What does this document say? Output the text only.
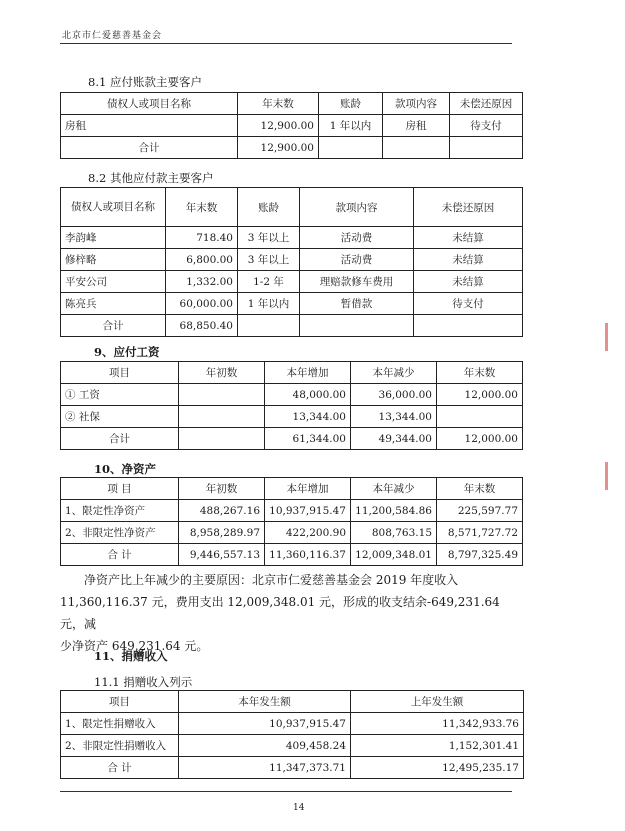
北京市仁爱慈善基金会
8.1 应付账款主要客户
债权人或项目名称	年末数	账龄	款项内容	未偿还原因
房租	12,900.00	1 年以内	房租	待支付
合计	12,900.00			
8.2 其他应付款主要客户
债权人或项目名称	年末数	账龄	款项内容	未偿还原因
李韵峰	718.40	3 年以上	活动费	未结算
修梓略	6,800.00	3 年以上	活动费	未结算
平安公司	1,332.00	1-2 年	理赔款修车费用	未结算
陈亮兵	60,000.00	1 年以内	暂借款	待支付
合计	68,850.40			
9、应付工资
项目	年初数	本年增加	本年减少	年末数
① 工资		48,000.00	36,000.00	12,000.00
② 社保		13,344.00	13,344.00	
合计		61,344.00	49,344.00	12,000.00
10、净资产
项 目	年初数	本年增加	本年减少	年末数
1、限定性净资产	488,267.16	10,937,915.47	11,200,584.86	225,597.77
2、非限定性净资产	8,958,289.97	422,200.90	808,763.15	8,571,727.72
合 计	9,446,557.13	11,360,116.37	12,009,348.01	8,797,325.49
净资产比上年减少的主要原因：北京市仁爱慈善基金会 2019 年度收入
11,360,116.37 元，费用支出 12,009,348.01 元，形成的收支结余-649,231.64 元，减
少净资产 649,231.64 元。
11、捐赠收入
11.1 捐赠收入列示
项目	本年发生额	上年发生额
1、限定性捐赠收入	10,937,915.47	11,342,933.76
2、非限定性捐赠收入	409,458.24	1,152,301.41
合 计	11,347,373.71	12,495,235.17
14
